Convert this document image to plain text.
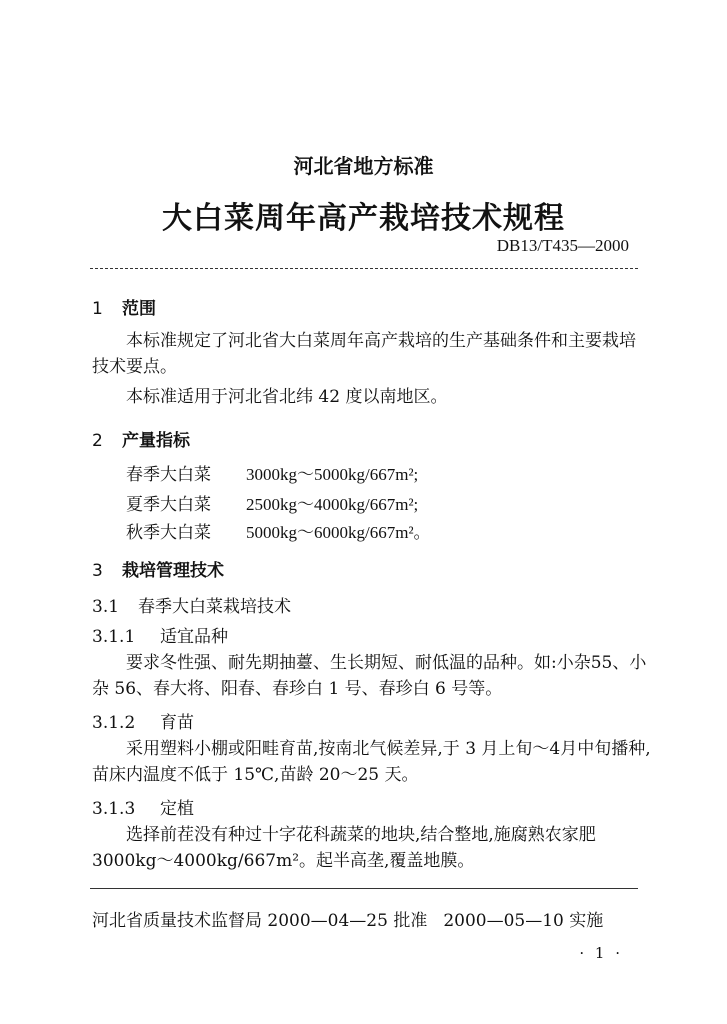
河北省地方标准
大白菜周年高产栽培技术规程
DB13/T435—2000
1 范围
本标准规定了河北省大白菜周年高产栽培的生产基础条件和主要栽培技术要点。
本标准适用于河北省北纬 42 度以南地区。
2 产量指标
春季大白菜 3000kg～5000kg/667m²;
夏季大白菜 2500kg～4000kg/667m²;
秋季大白菜 5000kg～6000kg/667m²。
3 栽培管理技术
3.1 春季大白菜栽培技术
3.1.1 适宜品种
要求冬性强、耐先期抽薹、生长期短、耐低温的品种。如:小杂55、小杂 56、春大将、阳春、春珍白 1 号、春珍白 6 号等。
3.1.2 育苗
采用塑料小棚或阳畦育苗,按南北气候差异,于 3 月上旬～4月中旬播种,苗床内温度不低于 15℃,苗龄 20～25 天。
3.1.3 定植
选择前茬没有种过十字花科蔬菜的地块,结合整地,施腐熟农家肥 3000kg～4000kg/667m²。起半高垄,覆盖地膜。
河北省质量技术监督局 2000—04—25 批准 2000—05—10 实施
· 1 ·
